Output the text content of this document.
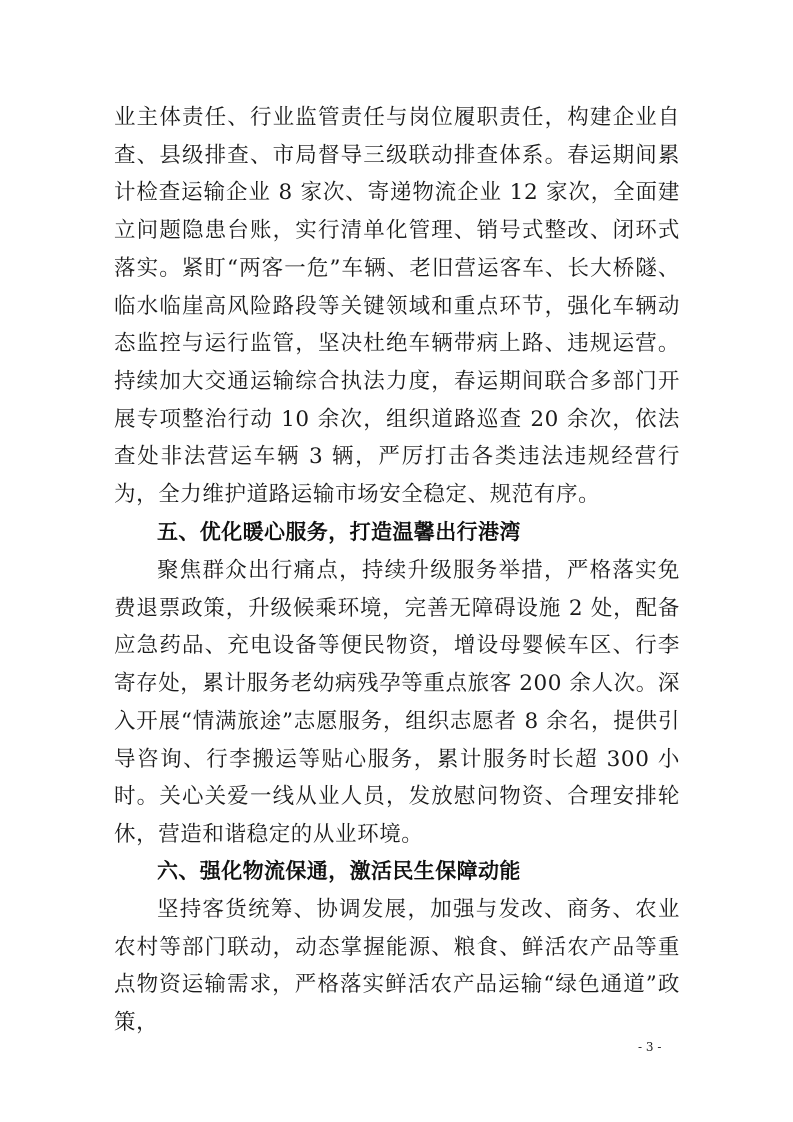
业主体责任、行业监管责任与岗位履职责任，构建企业自查、县级排查、市局督导三级联动排查体系。春运期间累计检查运输企业 8 家次、寄递物流企业 12 家次，全面建立问题隐患台账，实行清单化管理、销号式整改、闭环式落实。紧盯“两客一危”车辆、老旧营运客车、长大桥隧、临水临崖高风险路段等关键领域和重点环节，强化车辆动态监控与运行监管，坚决杜绝车辆带病上路、违规运营。持续加大交通运输综合执法力度，春运期间联合多部门开展专项整治行动 10 余次，组织道路巡查 20 余次，依法查处非法营运车辆 3 辆，严厉打击各类违法违规经营行为，全力维护道路运输市场安全稳定、规范有序。

五、优化暖心服务，打造温馨出行港湾

聚焦群众出行痛点，持续升级服务举措，严格落实免费退票政策，升级候乘环境，完善无障碍设施 2 处，配备应急药品、充电设备等便民物资，增设母婴候车区、行李寄存处，累计服务老幼病残孕等重点旅客 200 余人次。深入开展“情满旅途”志愿服务，组织志愿者 8 余名，提供引导咨询、行李搬运等贴心服务，累计服务时长超 300 小时。关心关爱一线从业人员，发放慰问物资、合理安排轮休，营造和谐稳定的从业环境。

六、强化物流保通，激活民生保障动能

坚持客货统筹、协调发展，加强与发改、商务、农业农村等部门联动，动态掌握能源、粮食、鲜活农产品等重点物资运输需求，严格落实鲜活农产品运输“绿色通道”政策，

- 3 -
